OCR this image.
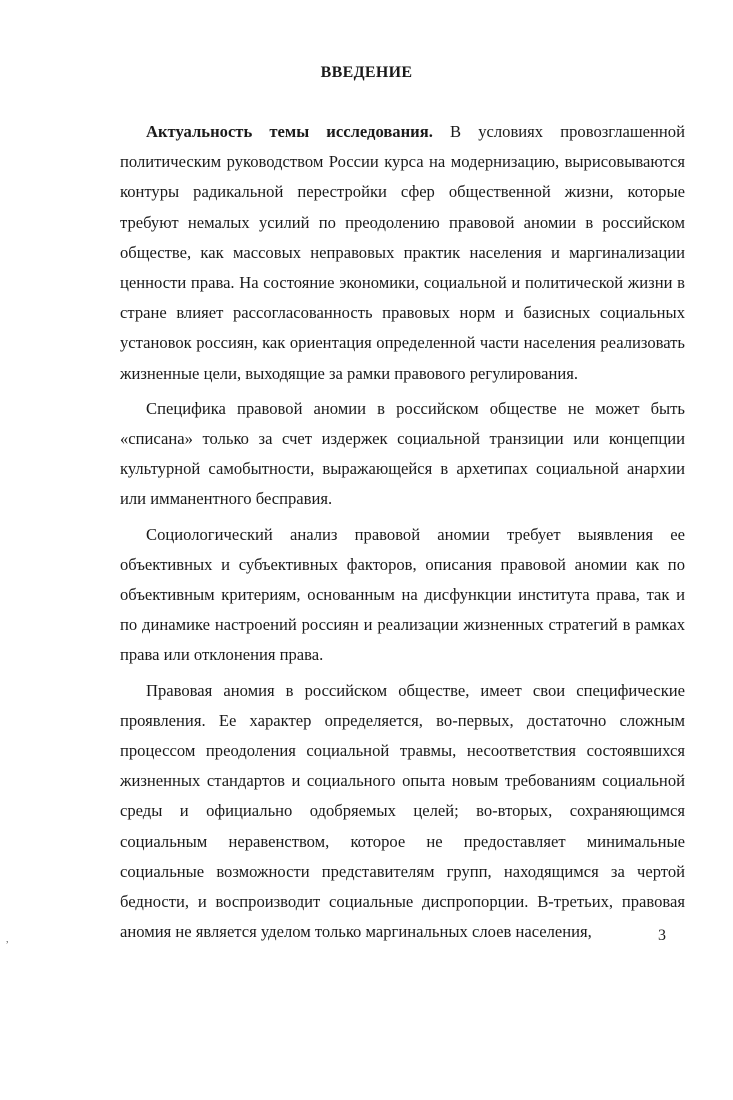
ВВЕДЕНИЕ

Актуальность темы исследования. В условиях провозглашенной политическим руководством России курса на модернизацию, вырисовываются контуры радикальной перестройки сфер общественной жизни, которые требуют немалых усилий по преодолению правовой аномии в российском обществе, как массовых неправовых практик населения и маргинализации ценности права. На состояние экономики, социальной и политической жизни в стране влияет рассогласованность правовых норм и базисных социальных установок россиян, как ориентация определенной части населения реализовать жизненные цели, выходящие за рамки правового регулирования.

Специфика правовой аномии в российском обществе не может быть «списана» только за счет издержек социальной транзиции или концепции культурной самобытности, выражающейся в архетипах социальной анархии или имманентного бесправия.

Социологический анализ правовой аномии требует выявления ее объективных и субъективных факторов, описания правовой аномии как по объективным критериям, основанным на дисфункции института права, так и по динамике настроений россиян и реализации жизненных стратегий в рамках права или отклонения права.

Правовая аномия в российском обществе, имеет свои специфические проявления. Ее характер определяется, во-первых, достаточно сложным процессом преодоления социальной травмы, несоответствия состоявшихся жизненных стандартов и социального опыта новым требованиям социальной среды и официально одобряемых целей; во-вторых, сохраняющимся социальным неравенством, которое не предоставляет минимальные социальные возможности представителям групп, находящимся за чертой бедности, и воспроизводит социальные диспропорции. В-третьих, правовая аномия не является уделом только маргинальных слоев населения,	3
,
